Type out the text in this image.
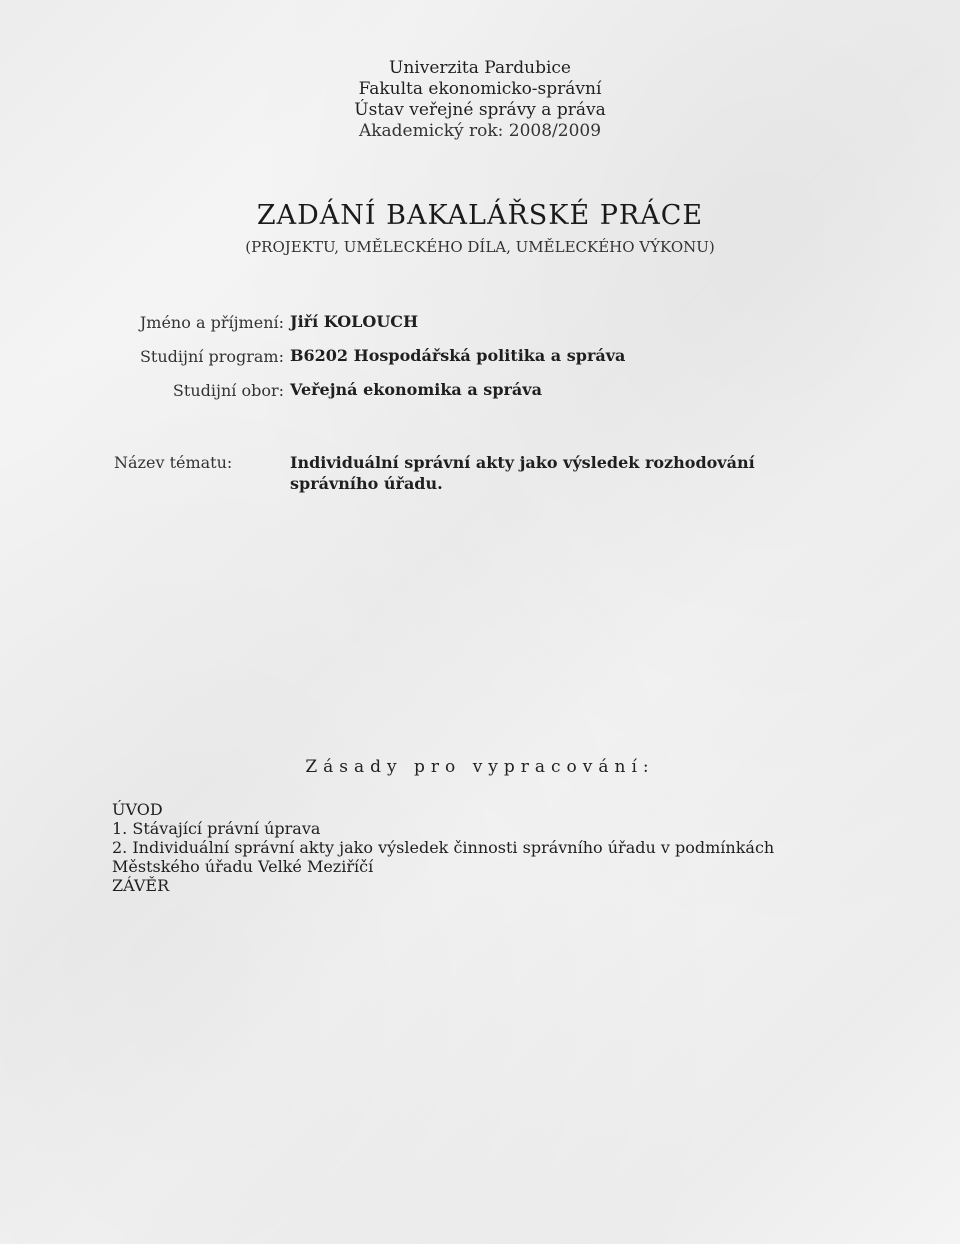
Univerzita Pardubice
Fakulta ekonomicko-správní
Ústav veřejné správy a práva
Akademický rok: 2008/2009
ZADÁNÍ BAKALÁŘSKÉ PRÁCE
(PROJEKTU, UMĚLECKÉHO DÍLA, UMĚLECKÉHO VÝKONU)
Jméno a příjmení: Jiří KOLOUCH
Studijní program: B6202 Hospodářská politika a správa
Studijní obor: Veřejná ekonomika a správa
Název tématu:	Individuální správní akty jako výsledek rozhodování správního úřadu.
Zásady pro vypracování:
ÚVOD
1. Stávající právní úprava
2. Individuální správní akty jako výsledek činnosti správního úřadu v podmínkách Městského úřadu Velké Meziříčí
ZÁVĚR
